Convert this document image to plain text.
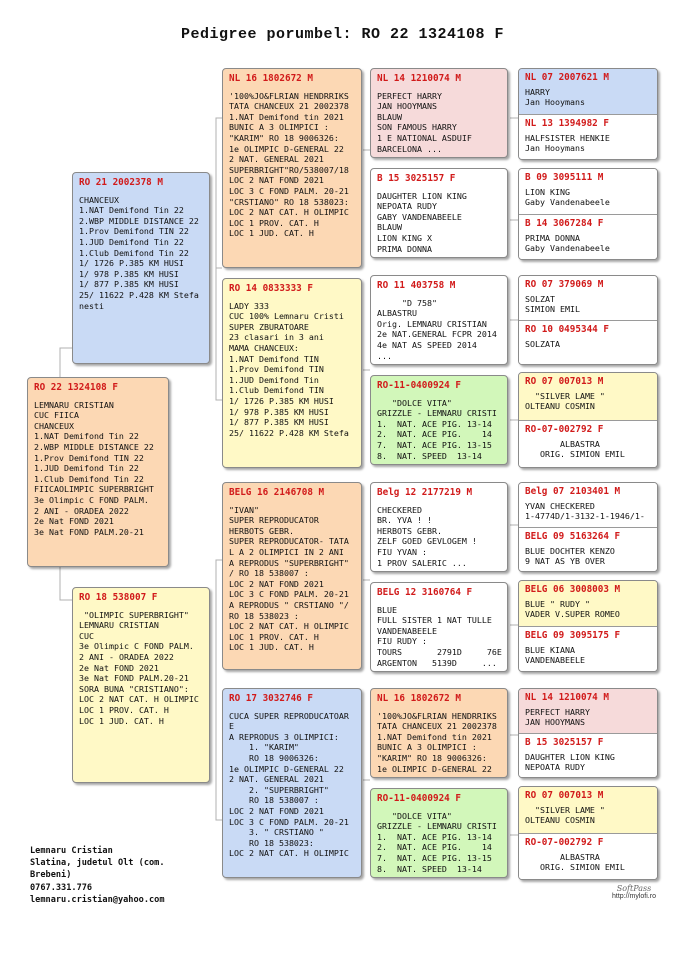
Pedigree porumbel: RO 22 1324108 F
RO 22 1324108 F
LEMNARU CRISTIAN
CUC FIICA
CHANCEUX
1.NAT Demifond Tin 22
2.WBP MIDDLE DISTANCE 22
1.Prov Demifond TIN 22
1.JUD Demifond Tin 22
1.Club Demifond Tin 22
FIICAOLIMPIC SUPERBRIGHT
3e Olimpic C FOND PALM.
2 ANI - ORADEA 2022
2e Nat FOND 2021
3e Nat FOND PALM.20-21
RO 21 2002378 M
CHANCEUX
1.NAT Demifond Tin 22
2.WBP MIDDLE DISTANCE 22
1.Prov Demifond TIN 22
1.JUD Demifond Tin 22
1.Club Demifond Tin 22
1/ 1726 P.385 KM HUSI
1/ 978 P.385 KM HUSI
1/ 877 P.385 KM HUSI
25/ 11622 P.428 KM Stefa
nesti
RO 18 538007 F
"OLIMPIC SUPERBRIGHT"
LEMNARU CRISTIAN
CUC
3e Olimpic C FOND PALM.
2 ANI - ORADEA 2022
2e Nat FOND 2021
3e Nat FOND PALM.20-21
SORA BUNA "CRISTIANO":
LOC 2 NAT CAT. H OLIMPIC
LOC 1 PROV. CAT. H
LOC 1 JUD. CAT. H
NL 16 1802672 M
'100%JO&FLRIAN HENDRRIKS
TATA CHANCEUX 21 2002378
1.NAT Demifond tin 2021
BUNIC A 3 OLIMPICI :
"KARIM" RO 18 9006326:
1e OLIMPIC D-GENERAL 22
2 NAT. GENERAL 2021
SUPERBRIGHT"RO/538007/18
LOC 2 NAT FOND 2021
LOC 3 C FOND PALM. 20-21
"CRSTIANO" RO 18 538023:
LOC 2 NAT CAT. H OLIMPIC
LOC 1 PROV. CAT. H
LOC 1 JUD. CAT. H
RO 14 0833333 F
LADY 333
CUC 100% Lemnaru Cristi
SUPER ZBURATOARE
23 clasari in 3 ani
MAMA CHANCEUX:
1.NAT Demifond TIN
1.Prov Demifond TIN
1.JUD Demifond Tin
1.Club Demifond TIN
1/ 1726 P.385 KM HUSI
1/ 978 P.385 KM HUSI
1/ 877 P.385 KM HUSI
25/ 11622 P.428 KM Stefa
BELG 16 2146708 M
"IVAN"
SUPER REPRODUCATOR
HERBOTS GEBR.
SUPER REPRODUCATOR- TATA
L A 2 OLIMPICI IN 2 ANI
A REPRODUS "SUPERBRIGHT"
/ RO 18 538007 :
LOC 2 NAT FOND 2021
LOC 3 C FOND PALM. 20-21
A REPRODUS " CRSTIANO "/
RO 18 538023 :
LOC 2 NAT CAT. H OLIMPIC
LOC 1 PROV. CAT. H
LOC 1 JUD. CAT. H
RO 17 3032746 F
CUCA SUPER REPRODUCATOAR
E
A REPRODUS 3 OLIMPICI:
1. "KARIM"
RO 18 9006326:
1e OLIMPIC D-GENERAL 22
2 NAT. GENERAL 2021
2. "SUPERBRIGHT"
RO 18 538007 :
LOC 2 NAT FOND 2021
LOC 3 C FOND PALM. 20-21
3. " CRSTIANO "
RO 18 538023:
LOC 2 NAT CAT. H OLIMPIC
NL 14 1210074 M
PERFECT HARRY
JAN HOOYMANS
BLAUW
SON FAMOUS HARRY
1 E NATIONAL ASDUIF
BARCELONA ...
B 15 3025157 F
DAUGHTER LION KING
NEPOATA RUDY
GABY VANDENABEELE
BLAUW
LION KING X
PRIMA DONNA
RO 11 403758 M
"D 758"
ALBASTRU
Orig. LEMNARU CRISTIAN
2e NAT.GENERAL FCPR 2014
4e NAT AS SPEED 2014
...
RO-11-0400924 F
"DOLCE VITA"
GRIZZLE - LEMNARU CRISTI
1.  NAT. ACE PIG. 13-14
2.  NAT. ACE PIG.    14
7.  NAT. ACE PIG. 13-15
8.  NAT. SPEED  13-14
Belg 12 2177219 M
CHECKERED
BR. YVA ! !
HERBOTS GEBR.
ZELF GOED GEVLOGEM !
FIU YVAN :
1 PROV SALERIC ...
BELG 12 3160764 F
BLUE
FULL SISTER 1 NAT TULLE
VANDENABEELE
FIU RUDY :
TOURS       2791D     76E
ARGENTON   5139D     ...
NL 16 1802672 M
'100%JO&FLRIAN HENDRRIKS
TATA CHANCEUX 21 2002378
1.NAT Demifond tin 2021
BUNIC A 3 OLIMPICI :
"KARIM" RO 18 9006326:
1e OLIMPIC D-GENERAL 22
RO-11-0400924 F
"DOLCE VITA"
GRIZZLE - LEMNARU CRISTI
1.  NAT. ACE PIG. 13-14
2.  NAT. ACE PIG.    14
7.  NAT. ACE PIG. 13-15
8.  NAT. SPEED  13-14
NL 07 2007621 M
HARRY
Jan Hooymans
NL 13 1394982 F
HALFSISTER HENKIE
Jan Hooymans
B 09 3095111 M
LION KING
Gaby Vandenabeele
B 14 3067284 F
PRIMA DONNA
Gaby Vandenabeele
RO 07 379069 M
SOLZAT
SIMION EMIL
RO 10 0495344 F
SOLZATA
RO 07 007013 M
"SILVER LAME "
OLTEANU COSMIN
RO-07-002792 F
ALBASTRA
ORIG. SIMION EMIL
Belg 07 2103401 M
YVAN CHECKERED
1-4774D/1-3132-1-1946/1-
BELG 09 5163264 F
BLUE DOCHTER KENZO
9 NAT AS YB OVER
BELG 06 3008003 M
BLUE " RUDY "
VADER V.SUPER ROMEO
BELG 09 3095175 F
BLUE KIANA
VANDENABEELE
NL 14 1210074 M
PERFECT HARRY
JAN HOOYMANS
B 15 3025157 F
DAUGHTER LION KING
NEPOATA RUDY
RO 07 007013 M
"SILVER LAME "
OLTEANU COSMIN
RO-07-002792 F
ALBASTRA
ORIG. SIMION EMIL
Lemnaru Cristian
Slatina, judetul Olt (com.
Brebeni)
0767.331.776
lemnaru.cristian@yahoo.com
SoftPass
http://mylofi.ro
